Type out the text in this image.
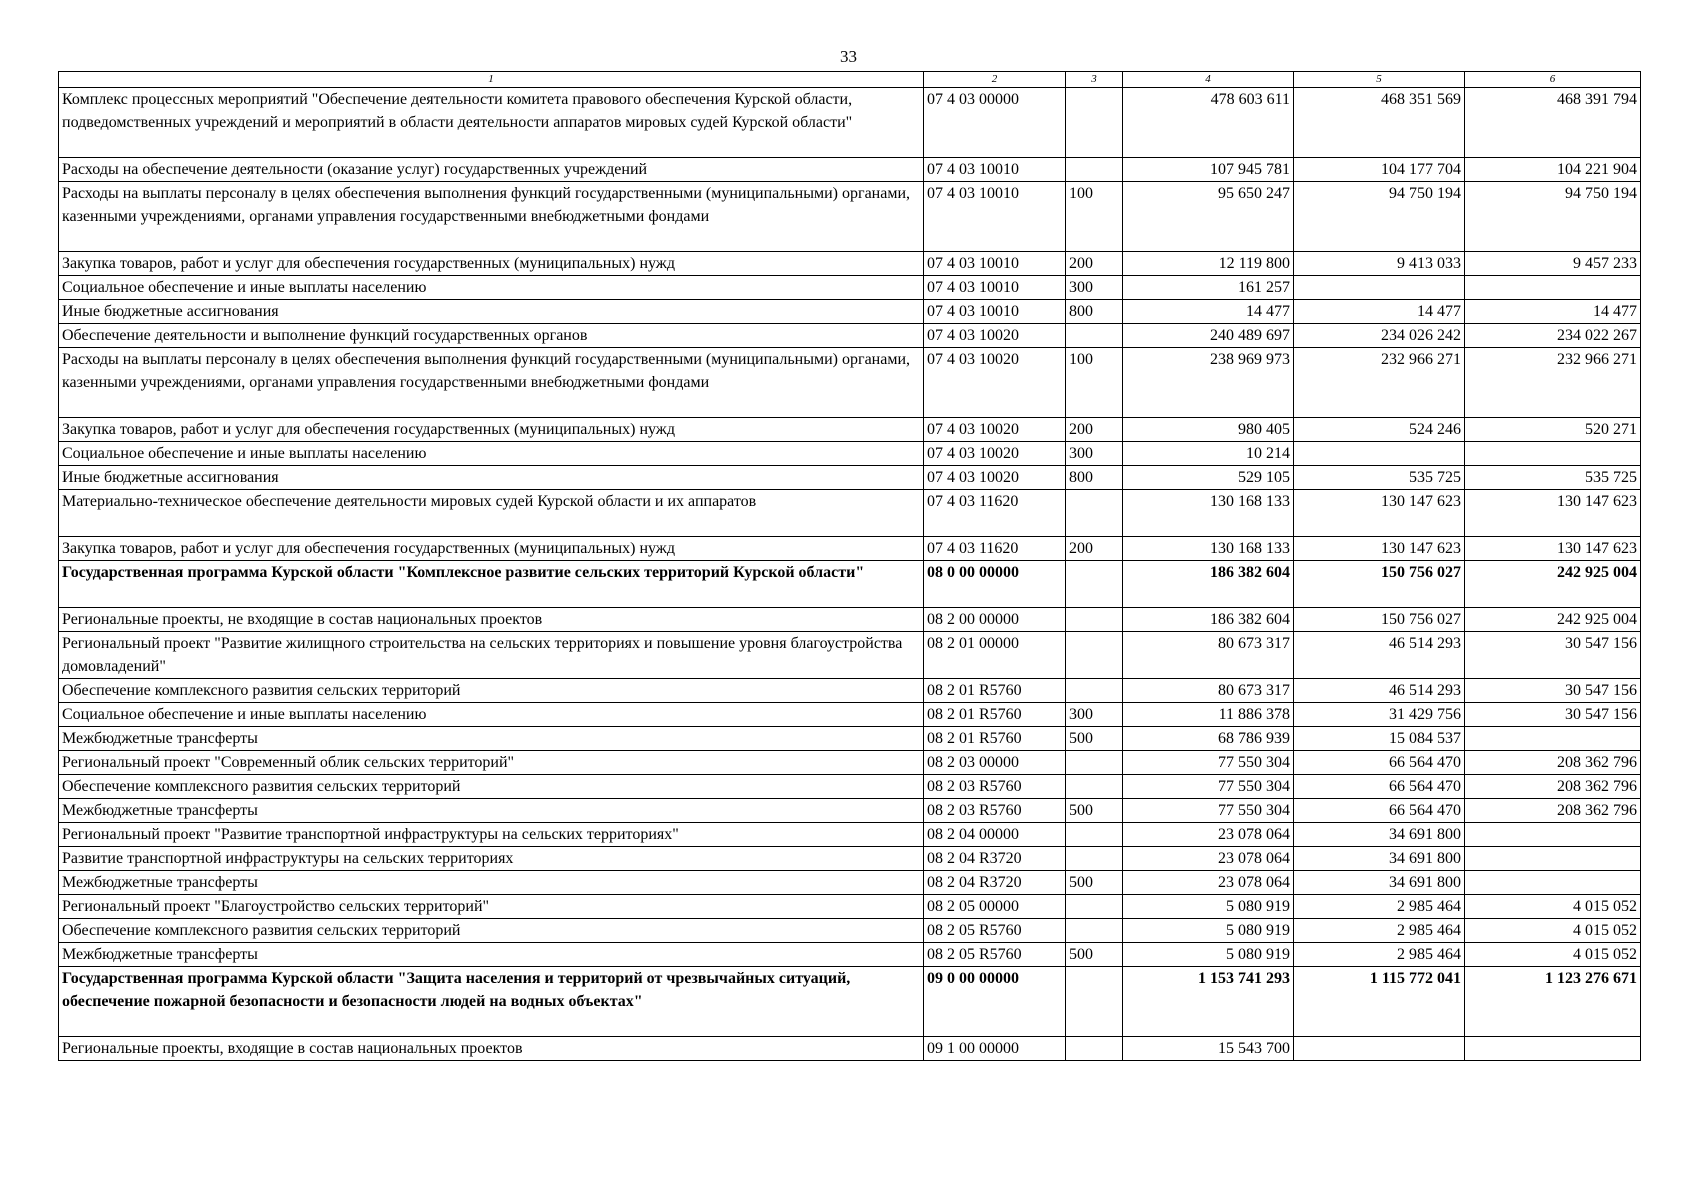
33
1	2	3	4	5	6
Комплекс процессных мероприятий "Обеспечение деятельности комитета правового обеспечения Курской области, подведомственных учреждений и мероприятий в области деятельности аппаратов мировых судей Курской области"	07 4 03 00000		478 603 611	468 351 569	468 391 794
Расходы на обеспечение деятельности (оказание услуг) государственных учреждений	07 4 03 10010		107 945 781	104 177 704	104 221 904
Расходы на выплаты персоналу в целях обеспечения выполнения функций государственными (муниципальными) органами, казенными учреждениями, органами управления государственными внебюджетными фондами	07 4 03 10010	100	95 650 247	94 750 194	94 750 194
Закупка товаров, работ и услуг для обеспечения государственных (муниципальных) нужд	07 4 03 10010	200	12 119 800	9 413 033	9 457 233
Социальное обеспечение и иные выплаты населению	07 4 03 10010	300	161 257		
Иные бюджетные ассигнования	07 4 03 10010	800	14 477	14 477	14 477
Обеспечение деятельности и выполнение функций государственных органов	07 4 03 10020		240 489 697	234 026 242	234 022 267
Расходы на выплаты персоналу в целях обеспечения выполнения функций государственными (муниципальными) органами, казенными учреждениями, органами управления государственными внебюджетными фондами	07 4 03 10020	100	238 969 973	232 966 271	232 966 271
Закупка товаров, работ и услуг для обеспечения государственных (муниципальных) нужд	07 4 03 10020	200	980 405	524 246	520 271
Социальное обеспечение и иные выплаты населению	07 4 03 10020	300	10 214		
Иные бюджетные ассигнования	07 4 03 10020	800	529 105	535 725	535 725
Материально-техническое обеспечение деятельности мировых судей Курской области и их аппаратов	07 4 03 11620		130 168 133	130 147 623	130 147 623
Закупка товаров, работ и услуг для обеспечения государственных (муниципальных) нужд	07 4 03 11620	200	130 168 133	130 147 623	130 147 623
Государственная программа Курской области "Комплексное развитие сельских территорий Курской области"	08 0 00 00000		186 382 604	150 756 027	242 925 004
Региональные проекты, не входящие в состав национальных проектов	08 2 00 00000		186 382 604	150 756 027	242 925 004
Региональный проект "Развитие жилищного строительства на сельских территориях и повышение уровня благоустройства домовладений"	08 2 01 00000		80 673 317	46 514 293	30 547 156
Обеспечение комплексного развития сельских территорий	08 2 01 R5760		80 673 317	46 514 293	30 547 156
Социальное обеспечение и иные выплаты населению	08 2 01 R5760	300	11 886 378	31 429 756	30 547 156
Межбюджетные трансферты	08 2 01 R5760	500	68 786 939	15 084 537	
Региональный проект "Современный облик сельских территорий"	08 2 03 00000		77 550 304	66 564 470	208 362 796
Обеспечение комплексного развития сельских территорий	08 2 03 R5760		77 550 304	66 564 470	208 362 796
Межбюджетные трансферты	08 2 03 R5760	500	77 550 304	66 564 470	208 362 796
Региональный проект "Развитие транспортной инфраструктуры на сельских территориях"	08 2 04 00000		23 078 064	34 691 800	
Развитие транспортной инфраструктуры на сельских территориях	08 2 04 R3720		23 078 064	34 691 800	
Межбюджетные трансферты	08 2 04 R3720	500	23 078 064	34 691 800	
Региональный проект "Благоустройство сельских территорий"	08 2 05 00000		5 080 919	2 985 464	4 015 052
Обеспечение комплексного развития сельских территорий	08 2 05 R5760		5 080 919	2 985 464	4 015 052
Межбюджетные трансферты	08 2 05 R5760	500	5 080 919	2 985 464	4 015 052
Государственная программа Курской области "Защита населения и территорий от чрезвычайных ситуаций, обеспечение пожарной безопасности и безопасности людей на водных объектах"	09 0 00 00000		1 153 741 293	1 115 772 041	1 123 276 671
Региональные проекты, входящие в состав национальных проектов	09 1 00 00000		15 543 700		
